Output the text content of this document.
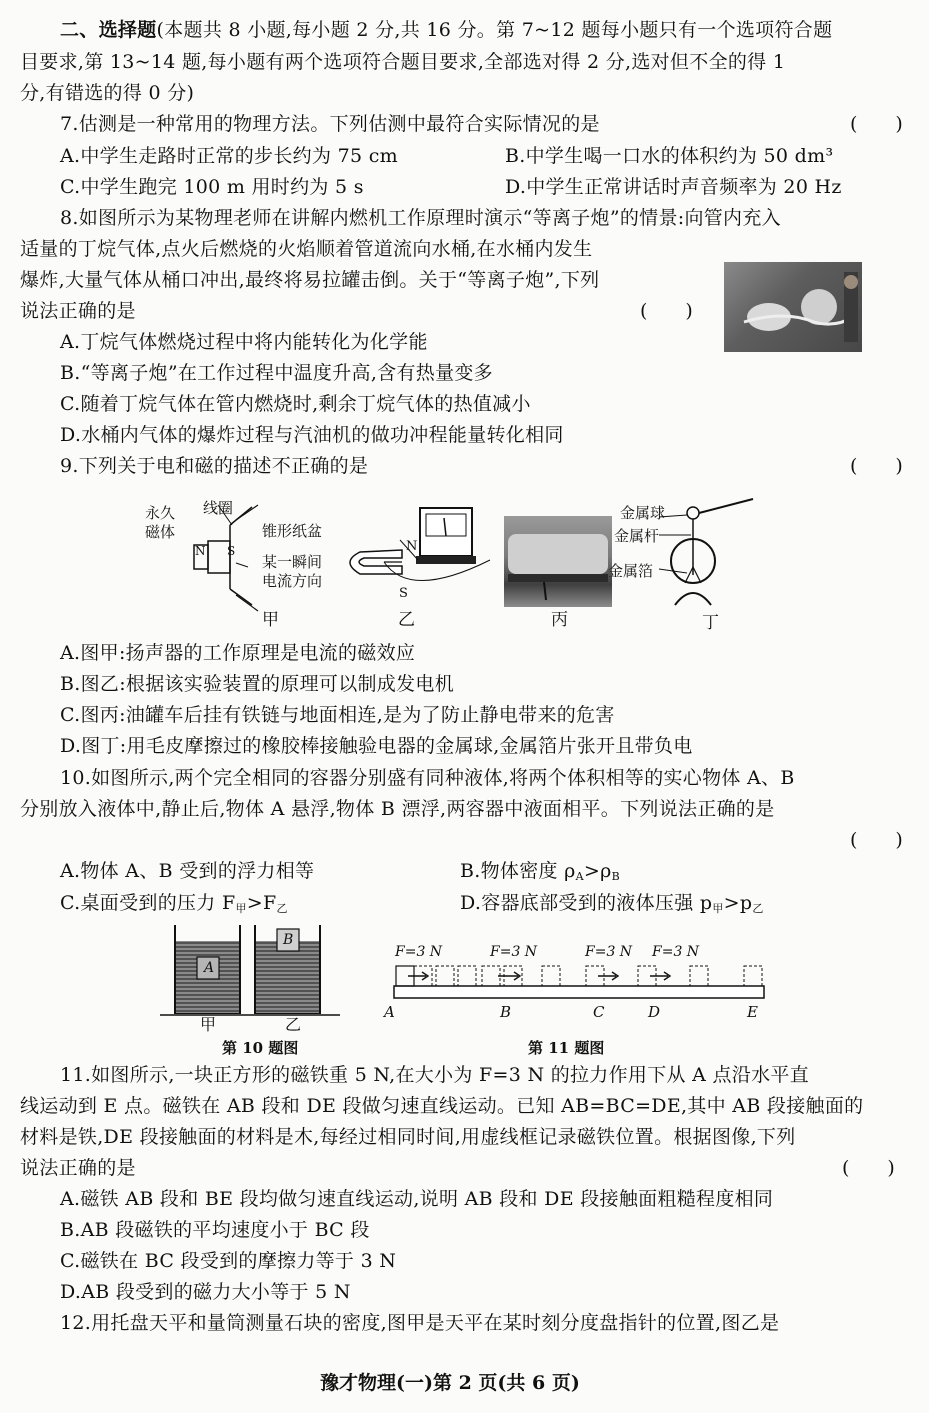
二、选择题(本题共 8 小题,每小题 2 分,共 16 分。第 7~12 题每小题只有一个选项符合题
目要求,第 13~14 题,每小题有两个选项符合题目要求,全部选对得 2 分,选对但不全的得 1
分,有错选的得 0 分)
7.估测是一种常用的物理方法。下列估测中最符合实际情况的是	(　　)
A.中学生走路时正常的步长约为 75 cm	B.中学生喝一口水的体积约为 50 dm³
C.中学生跑完 100 m 用时约为 5 s	D.中学生正常讲话时声音频率为 20 Hz
8.如图所示为某物理老师在讲解内燃机工作原理时演示“等离子炮”的情景:向管内充入
适量的丁烷气体,点火后燃烧的火焰顺着管道流向水桶,在水桶内发生
爆炸,大量气体从桶口冲出,最终将易拉罐击倒。关于“等离子炮”,下列
说法正确的是	(　　)
A.丁烷气体燃烧过程中将内能转化为化学能
B.“等离子炮”在工作过程中温度升高,含有热量变多
C.随着丁烷气体在管内燃烧时,剩余丁烷气体的热值减小
D.水桶内气体的爆炸过程与汽油机的做功冲程能量转化相同
9.下列关于电和磁的描述不正确的是	(　　)
永久
磁体
线圈
锥形纸盆
某一瞬间
电流方向
N S
甲
N
S
乙	丙
金属球
金属杆
金属箔
丁
A.图甲:扬声器的工作原理是电流的磁效应
B.图乙:根据该实验装置的原理可以制成发电机
C.图丙:油罐车后挂有铁链与地面相连,是为了防止静电带来的危害
D.图丁:用毛皮摩擦过的橡胶棒接触验电器的金属球,金属箔片张开且带负电
10.如图所示,两个完全相同的容器分别盛有同种液体,将两个体积相等的实心物体 A、B
分别放入液体中,静止后,物体 A 悬浮,物体 B 漂浮,两容器中液面相平。下列说法正确的是
(　　)
A.物体 A、B 受到的浮力相等	B.物体密度 $\rho_A>\rho_B$
C.桌面受到的压力 $F_甲>F_乙$	D.容器底部受到的液体压强 $p_甲>p_乙$
A
B
甲	乙
第 10 题图
F=3 N	F=3 N	F=3 N F=3 N
A	B	C	D	E
第 11 题图
11.如图所示,一块正方形的磁铁重 5 N,在大小为 F=3 N 的拉力作用下从 A 点沿水平直
线运动到 E 点。磁铁在 AB 段和 DE 段做匀速直线运动。已知 AB=BC=DE,其中 AB 段接触面的
材料是铁,DE 段接触面的材料是木,每经过相同时间,用虚线框记录磁铁位置。根据图像,下列
说法正确的是	(　　)
A.磁铁 AB 段和 BE 段均做匀速直线运动,说明 AB 段和 DE 段接触面粗糙程度相同
B.AB 段磁铁的平均速度小于 BC 段
C.磁铁在 BC 段受到的摩擦力等于 3 N
D.AB 段受到的磁力大小等于 5 N
12.用托盘天平和量筒测量石块的密度,图甲是天平在某时刻分度盘指针的位置,图乙是
豫才物理(一)第 2 页(共 6 页)
